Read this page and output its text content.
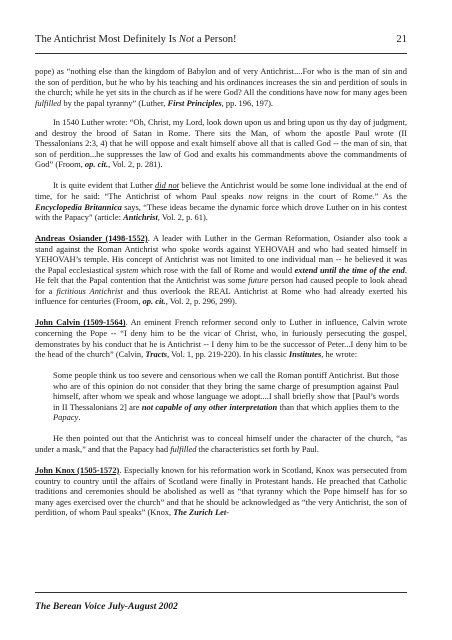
The Antichrist Most Definitely Is Not a Person!	21

pope) as “nothing else than the kingdom of Babylon and of very Antichrist....For who is the man of sin and the son of perdition, but he who by his teaching and his ordinances increases the sin and perdition of souls in the church; while he yet sits in the church as if he were God? All the conditions have now for many ages been fulfilled by the papal tyranny” (Luther, First Principles, pp. 196, 197).

In 1540 Luther wrote: “Oh, Christ, my Lord, look down upon us and bring upon us thy day of judgment, and destroy the brood of Satan in Rome. There sits the Man, of whom the apostle Paul wrote (II Thessalonians 2:3, 4) that he will oppose and exalt himself above all that is called God -- the man of sin, that son of perdition...he suppresses the law of God and exalts his commandments above the commandments of God” (Froom, op. cit., Vol. 2, p. 281).

It is quite evident that Luther did not believe the Antichrist would be some lone individual at the end of time, for he said: “The Antichrist of whom Paul speaks now reigns in the court of Rome.” As the Encyclopedia Britannica says, “These ideas became the dynamic force which drove Luther on in his contest with the Papacy” (article: Antichrist, Vol. 2, p. 61).

Andreas Osiander (1498-1552). A leader with Luther in the German Reformation, Osiander also took a stand against the Roman Antichrist who spoke words against YEHOVAH and who had seated himself in YEHOVAH’s temple. His concept of Antichrist was not limited to one individual man -- he believed it was the Papal ecclesiastical system which rose with the fall of Rome and would extend until the time of the end. He felt that the Papal contention that the Antichrist was some future person had caused people to look ahead for a fictitious Antichrist and thus overlook the REAL Antichrist at Rome who had already exerted his influence for centuries (Froom, op. cit., Vol. 2, p. 296, 299).

John Calvin (1509-1564). An eminent French reformer second only to Luther in influence, Calvin wrote concerning the Pope -- “I deny him to be the vicar of Christ, who, in furiously persecuting the gospel, demonstrates by his conduct that he is Antichrist -- I deny him to be the successor of Peter...I deny him to be the head of the church” (Calvin, Tracts, Vol. 1, pp. 219-220). In his classic Institutes, he wrote:

Some people think us too severe and censorious when we call the Roman pontiff Antichrist. But those who are of this opinion do not consider that they bring the same charge of presumption against Paul himself, after whom we speak and whose language we adopt....I shall briefly show that [Paul’s words in II Thessalonians 2] are not capable of any other interpretation than that which applies them to the Papacy.

He then pointed out that the Antichrist was to conceal himself under the character of the church, “as under a mask,” and that the Papacy had fulfilled the characteristics set forth by Paul.

John Knox (1505-1572). Especially known for his reformation work in Scotland, Knox was persecuted from country to country until the affairs of Scotland were finally in Protestant hands. He preached that Catholic traditions and ceremonies should be abolished as well as “that tyranny which the Pope himself has for so many ages exercised over the church” and that he should be acknowledged as “the very Antichrist, the son of perdition, of whom Paul speaks” (Knox, The Zurich Let-

The Berean Voice July-August 2002
